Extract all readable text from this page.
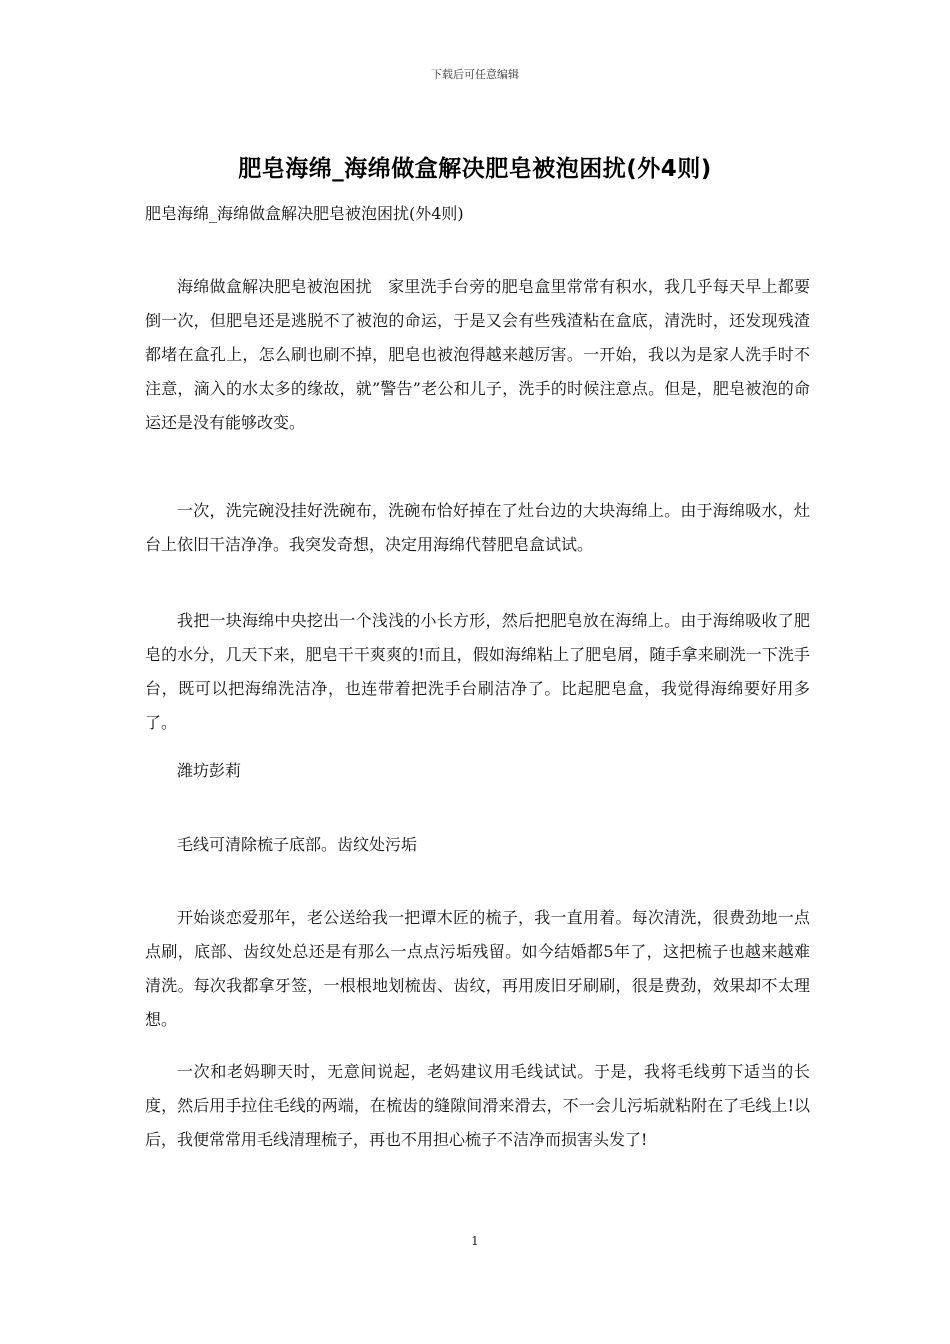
下载后可任意编辑
肥皂海绵_海绵做盒解决肥皂被泡困扰(外4则)
肥皂海绵_海绵做盒解决肥皂被泡困扰(外4则)

海绵做盒解决肥皂被泡困扰　家里洗手台旁的肥皂盒里常常有积水，我几乎每天早上都要倒一次，但肥皂还是逃脱不了被泡的命运，于是又会有些残渣粘在盒底，清洗时，还发现残渣都堵在盒孔上，怎么刷也刷不掉，肥皂也被泡得越来越厉害。一开始，我以为是家人洗手时不注意，滴入的水太多的缘故，就”警告”老公和儿子，洗手的时候注意点。但是，肥皂被泡的命运还是没有能够改变。

一次，洗完碗没挂好洗碗布，洗碗布恰好掉在了灶台边的大块海绵上。由于海绵吸水，灶台上依旧干洁净净。我突发奇想，决定用海绵代替肥皂盒试试。

我把一块海绵中央挖出一个浅浅的小长方形，然后把肥皂放在海绵上。由于海绵吸收了肥皂的水分，几天下来，肥皂干干爽爽的!而且，假如海绵粘上了肥皂屑，随手拿来刷洗一下洗手台，既可以把海绵洗洁净，也连带着把洗手台刷洁净了。比起肥皂盒，我觉得海绵要好用多了。

潍坊彭莉

毛线可清除梳子底部。齿纹处污垢

开始谈恋爱那年，老公送给我一把谭木匠的梳子，我一直用着。每次清洗，很费劲地一点点刷，底部、齿纹处总还是有那么一点点污垢残留。如今结婚都5年了，这把梳子也越来越难清洗。每次我都拿牙签，一根根地划梳齿、齿纹，再用废旧牙刷刷，很是费劲，效果却不太理想。

一次和老妈聊天时，无意间说起，老妈建议用毛线试试。于是，我将毛线剪下适当的长度，然后用手拉住毛线的两端，在梳齿的缝隙间滑来滑去，不一会儿污垢就粘附在了毛线上!以后，我便常常用毛线清理梳子，再也不用担心梳子不洁净而损害头发了!

1
